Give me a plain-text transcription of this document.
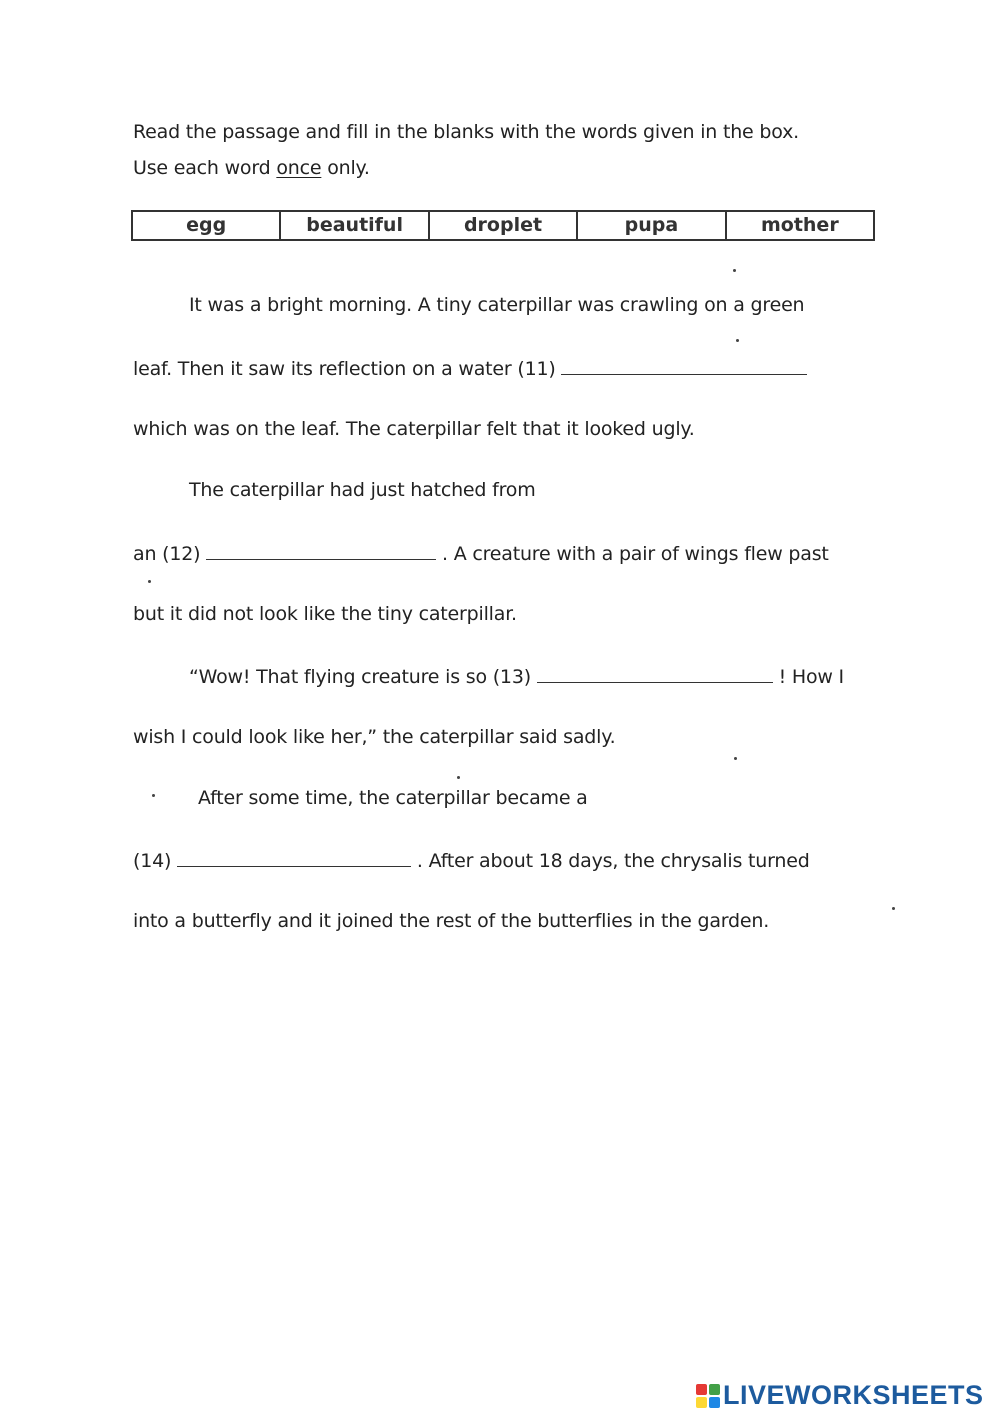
Read the passage and fill in the blanks with the words given in the box.
Use each word once only.
egg	beautiful	droplet	pupa	mother
It was a bright morning. A tiny caterpillar was crawling on a green
leaf. Then it saw its reflection on a water (11)
which was on the leaf. The caterpillar felt that it looked ugly.
The caterpillar had just hatched from
an (12)	. A creature with a pair of wings flew past
but it did not look like the tiny caterpillar.
“Wow! That flying creature is so (13)	! How I
wish I could look like her,” the caterpillar said sadly.
After some time, the caterpillar became a
(14)	. After about 18 days, the chrysalis turned
into a butterfly and it joined the rest of the butterflies in the garden.
LIVEWORKSHEETS
